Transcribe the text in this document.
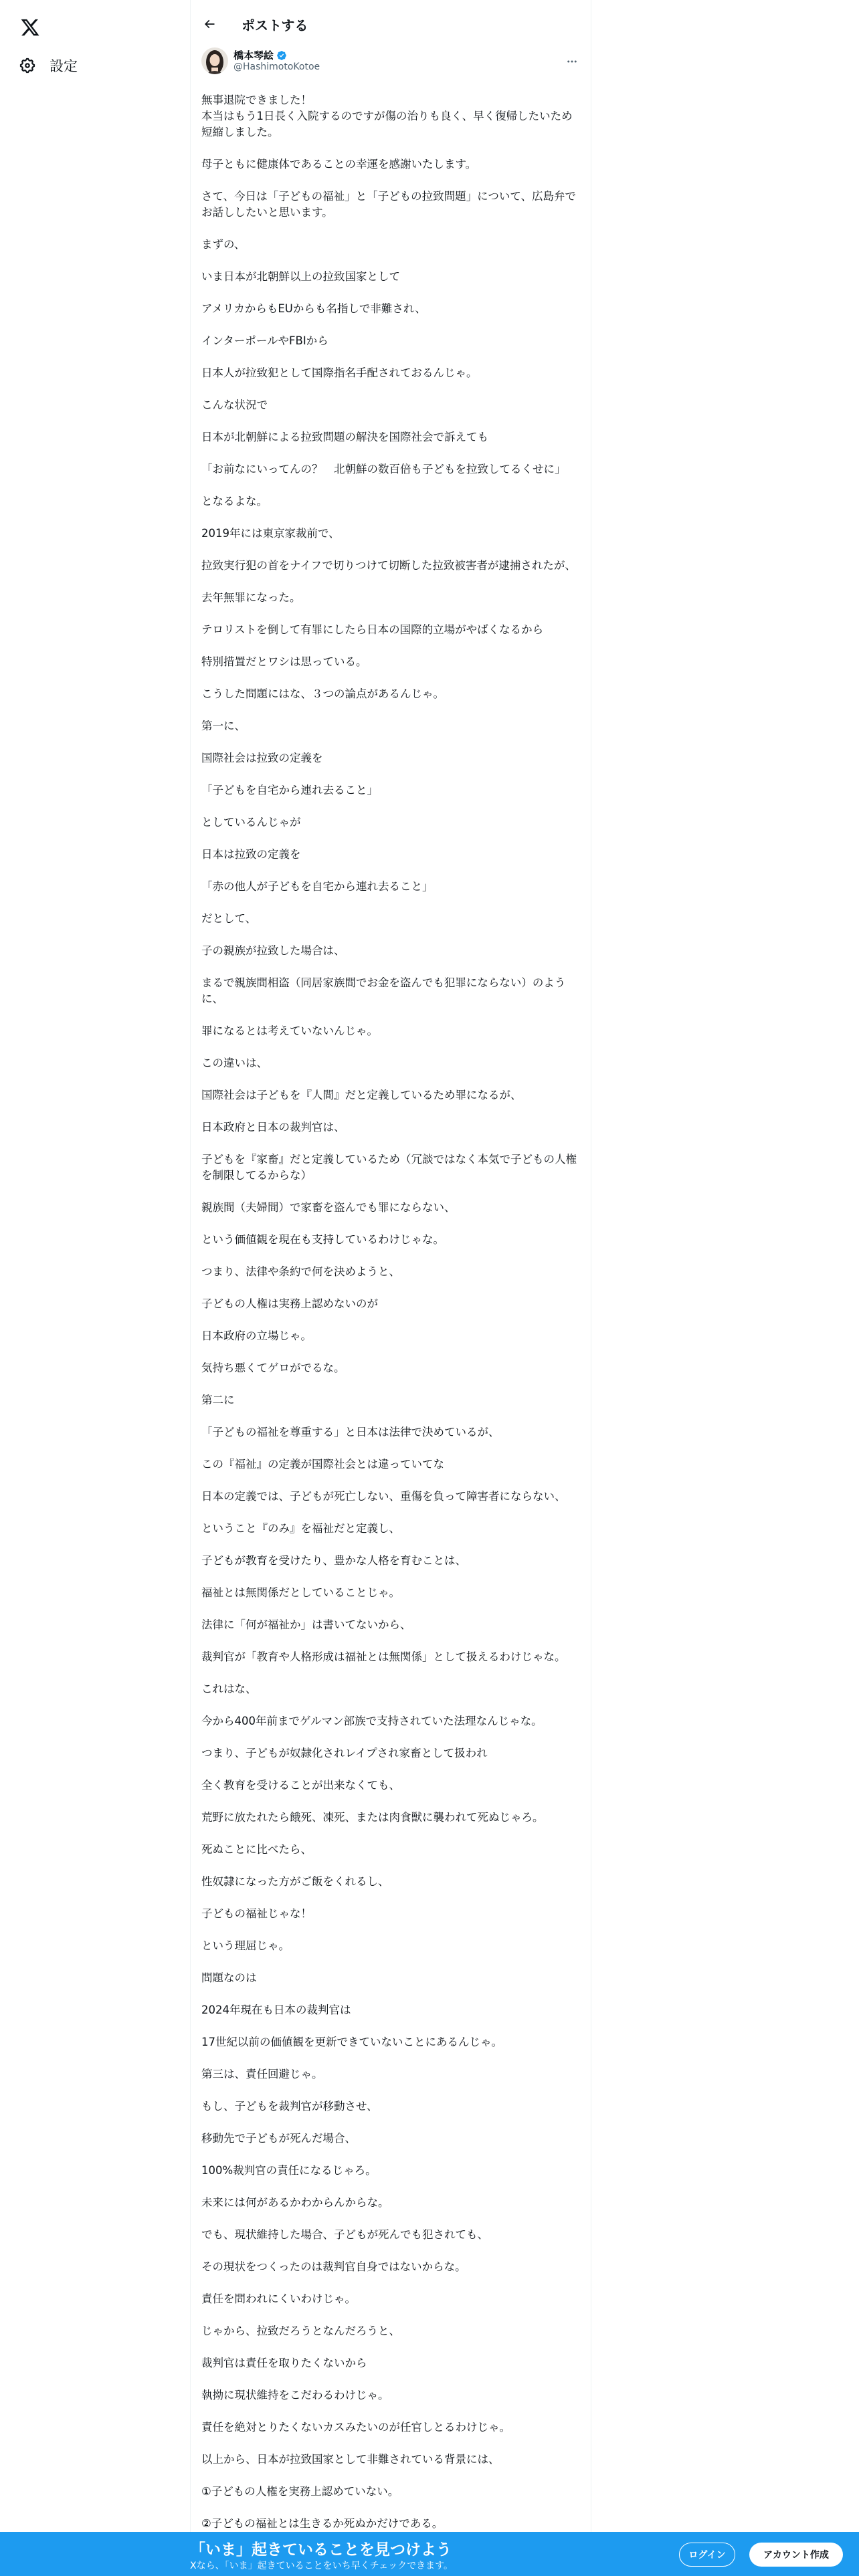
設定
ポストする
橋本琴絵
@HashimotoKotoe

無事退院できました！
本当はもう1日長く入院するのですが傷の治りも良く、早く復帰したいため短縮しました。

母子ともに健康体であることの幸運を感謝いたします。

さて、今日は「子どもの福祉」と「子どもの拉致問題」について、広島弁でお話ししたいと思います。

まずの、

いま日本が北朝鮮以上の拉致国家として

アメリカからもEUからも名指しで非難され、

インターポールやFBIから

日本人が拉致犯として国際指名手配されておるんじゃ。

こんな状況で

日本が北朝鮮による拉致問題の解決を国際社会で訴えても

「お前なにいってんの？　北朝鮮の数百倍も子どもを拉致してるくせに」

となるよな。

2019年には東京家裁前で、

拉致実行犯の首をナイフで切りつけて切断した拉致被害者が逮捕されたが、

去年無罪になった。

テロリストを倒して有罪にしたら日本の国際的立場がやばくなるから

特別措置だとワシは思っている。

こうした問題にはな、３つの論点があるんじゃ。

第一に、

国際社会は拉致の定義を

「子どもを自宅から連れ去ること」

としているんじゃが

日本は拉致の定義を

「赤の他人が子どもを自宅から連れ去ること」

だとして、

子の親族が拉致した場合は、

まるで親族間相盗（同居家族間でお金を盗んでも犯罪にならない）のように、

罪になるとは考えていないんじゃ。

この違いは、

国際社会は子どもを『人間』だと定義しているため罪になるが、

日本政府と日本の裁判官は、

子どもを『家畜』だと定義しているため（冗談ではなく本気で子どもの人権を制限してるからな）

親族間（夫婦間）で家畜を盗んでも罪にならない、

という価値観を現在も支持しているわけじゃな。

つまり、法律や条約で何を決めようと、

子どもの人権は実務上認めないのが

日本政府の立場じゃ。

気持ち悪くてゲロがでるな。

第二に

「子どもの福祉を尊重する」と日本は法律で決めているが、

この『福祉』の定義が国際社会とは違っていてな

日本の定義では、子どもが死亡しない、重傷を負って障害者にならない、

ということ『のみ』を福祉だと定義し、

子どもが教育を受けたり、豊かな人格を育むことは、

福祉とは無関係だとしていることじゃ。

法律に「何が福祉か」は書いてないから、

裁判官が「教育や人格形成は福祉とは無関係」として扱えるわけじゃな。

これはな、

今から400年前までゲルマン部族で支持されていた法理なんじゃな。

つまり、子どもが奴隷化されレイプされ家畜として扱われ

全く教育を受けることが出来なくても、

荒野に放たれたら餓死、凍死、または肉食獣に襲われて死ぬじゃろ。

死ぬことに比べたら、

性奴隷になった方がご飯をくれるし、

子どもの福祉じゃな！

という理屈じゃ。

問題なのは

2024年現在も日本の裁判官は

17世紀以前の価値観を更新できていないことにあるんじゃ。

第三は、責任回避じゃ。

もし、子どもを裁判官が移動させ、

移動先で子どもが死んだ場合、

100%裁判官の責任になるじゃろ。

未来には何があるかわからんからな。

でも、現状維持した場合、子どもが死んでも犯されても、

その現状をつくったのは裁判官自身ではないからな。

責任を問われにくいわけじゃ。

じゃから、拉致だろうとなんだろうと、

裁判官は責任を取りたくないから

執拗に現状維持をこだわるわけじゃ。

責任を絶対とりたくないカスみたいのが任官しとるわけじゃ。

以上から、日本が拉致国家として非難されている背景には、

①子どもの人権を実務上認めていない。

②子どもの福祉とは生きるか死ぬかだけである。

「いま」起きていることを見つけよう
Xなら、「いま」起きていることをいち早くチェックできます。
ログイン	アカウント作成
